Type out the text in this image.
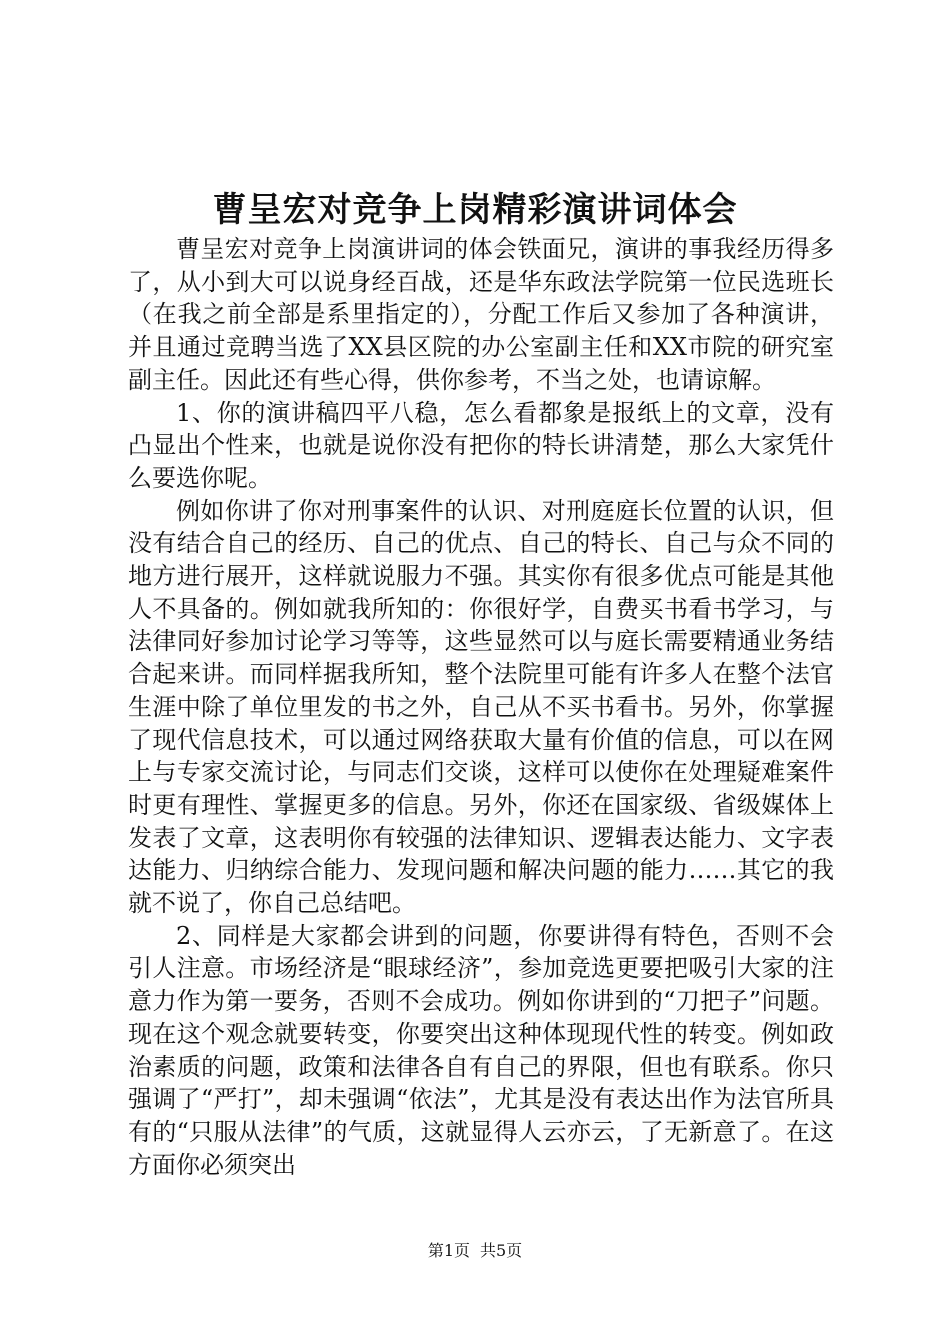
曹呈宏对竞争上岗精彩演讲词体会

曹呈宏对竞争上岗演讲词的体会铁面兄，演讲的事我经历得多了，从小到大可以说身经百战，还是华东政法学院第一位民选班长（在我之前全部是系里指定的），分配工作后又参加了各种演讲，并且通过竞聘当选了XX县区院的办公室副主任和XX市院的研究室副主任。因此还有些心得，供你参考，不当之处，也请谅解。

1、你的演讲稿四平八稳，怎么看都象是报纸上的文章，没有凸显出个性来，也就是说你没有把你的特长讲清楚，那么大家凭什么要选你呢。

例如你讲了你对刑事案件的认识、对刑庭庭长位置的认识，但没有结合自己的经历、自己的优点、自己的特长、自己与众不同的地方进行展开，这样就说服力不强。其实你有很多优点可能是其他人不具备的。例如就我所知的：你很好学，自费买书看书学习，与法律同好参加讨论学习等等，这些显然可以与庭长需要精通业务结合起来讲。而同样据我所知，整个法院里可能有许多人在整个法官生涯中除了单位里发的书之外，自己从不买书看书。另外，你掌握了现代信息技术，可以通过网络获取大量有价值的信息，可以在网上与专家交流讨论，与同志们交谈，这样可以使你在处理疑难案件时更有理性、掌握更多的信息。另外，你还在国家级、省级媒体上发表了文章，这表明你有较强的法律知识、逻辑表达能力、文字表达能力、归纳综合能力、发现问题和解决问题的能力……其它的我就不说了，你自己总结吧。

2、同样是大家都会讲到的问题，你要讲得有特色，否则不会引人注意。市场经济是“眼球经济”，参加竞选更要把吸引大家的注意力作为第一要务，否则不会成功。例如你讲到的“刀把子”问题。现在这个观念就要转变，你要突出这种体现现代性的转变。例如政治素质的问题，政策和法律各自有自己的界限，但也有联系。你只强调了“严打”，却未强调“依法”，尤其是没有表达出作为法官所具有的“只服从法律”的气质，这就显得人云亦云，了无新意了。在这方面你必须突出

第1页 共5页
